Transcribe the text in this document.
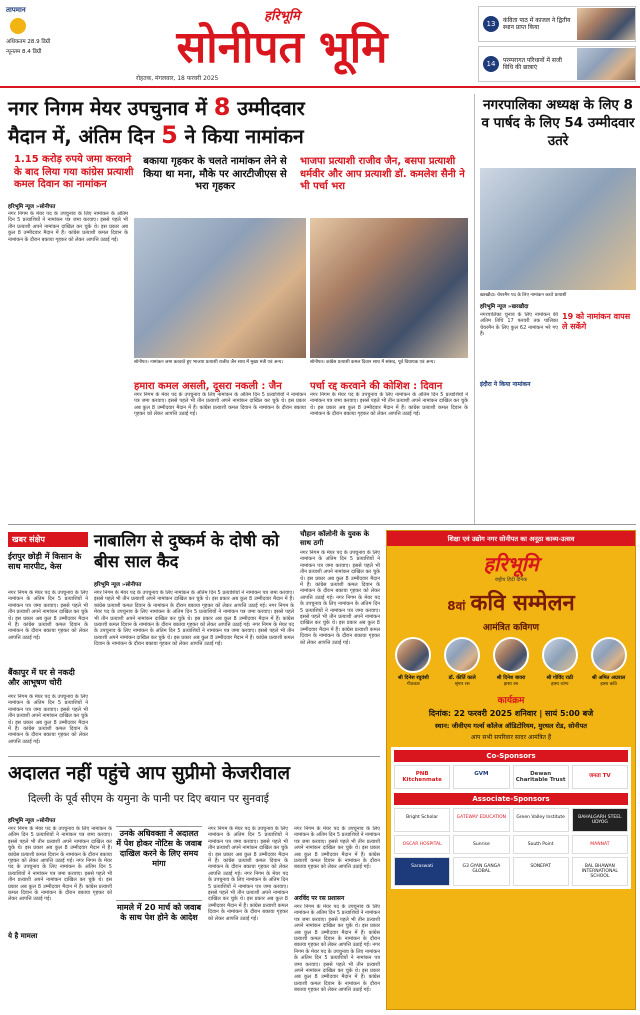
तापमान
अधिकतम 28.9 डिग्री
न्यूनतम 8.4 डिग्री
हरिभूमि
सोनीपत भूमि
रोहतक, मंगलवार, 18 फरवरी 2025
13	कंविता पाठ में काजल ने द्वितीय स्थान प्राप्त किया
14	परम्परागत परिधानों में सजी विधि की छात्राएं
नगर निगम मेयर उपचुनाव में 8 उम्मीदवार
मैदान में, अंतिम दिन 5 ने किया नामांकन
1.15 करोड़ रुपये जमा करवाने के बाद लिया गया कांग्रेस प्रत्याशी कमल दिवान का नामांकन
बकाया गृहकर के चलते नामांकन लेने से किया था मना, मौके पर आरटीजीएस से भरा गृहकर
भाजपा प्रत्याशी राजीव जैन, बसपा प्रत्याशी धर्मवीर और आप प्रत्याशी डॉ. कमलेश सैनी ने भी पर्चा भरा
हरिभूमि न्यूज »सोनीपत
नगर निगम के मेयर पद के उपचुनाव के लिए नामांकन के अंतिम दिन 5 प्रत्याशियों ने नामांकन पत्र जमा करवाए। इससे पहले भी तीन प्रत्याशी अपने नामांकन दाखिल कर चुके थे। इस प्रकार अब कुल 8 उम्मीदवार मैदान में हैं। कांग्रेस प्रत्याशी कमल दिवान के नामांकन के दौरान बकाया गृहकर को लेकर आपत्ति उठाई गई।
सोनीपत। नामांकन जमा करवाते हुए भाजपा प्रत्याशी राजीव जैन साथ में मुख्य मंत्री एवं अन्य।	सोनीपत। कांग्रेस प्रत्याशी कमल दिवान साथ में सांसद, पूर्व विधायक एवं अन्य।
हमारा कमल असली, दूसरा नकली : जैन	पर्चा रद्द करवाने की कोशिश : दिवान
नगर निगम के मेयर पद के उपचुनाव के लिए नामांकन के अंतिम दिन 5 प्रत्याशियों ने नामांकन पत्र जमा करवाए। इससे पहले भी तीन प्रत्याशी अपने नामांकन दाखिल कर चुके थे। इस प्रकार अब कुल 8 उम्मीदवार मैदान में हैं। कांग्रेस प्रत्याशी कमल दिवान के नामांकन के दौरान बकाया गृहकर को लेकर आपत्ति उठाई गई।
नगर निगम के मेयर पद के उपचुनाव के लिए नामांकन के अंतिम दिन 5 प्रत्याशियों ने नामांकन पत्र जमा करवाए। इससे पहले भी तीन प्रत्याशी अपने नामांकन दाखिल कर चुके थे। इस प्रकार अब कुल 8 उम्मीदवार मैदान में हैं। कांग्रेस प्रत्याशी कमल दिवान के नामांकन के दौरान बकाया गृहकर को लेकर आपत्ति उठाई गई।
नगरपालिका अध्यक्ष के लिए 8 व पार्षद के लिए 54 उम्मीदवार उतरे
खरखौदा। चेयरमैन पद के लिए नामांकन करते प्रत्याशी
हरिभूमि न्यूज »खरखौदा
नगरपालिका चुनाव के लिए नामांकन की अंतिम तिथि 17 फरवरी तक पालिका चेयरमैन के लिए कुल 62 नामांकन भरे गए हैं।
19 को नामांकन वापस ले सकेंगे
इंदौरा ने किया नामांकन
खबर संक्षेप
ईरापुर छोड़ी में किसान के साथ मारपीट, केस
नगर निगम के मेयर पद के उपचुनाव के लिए नामांकन के अंतिम दिन 5 प्रत्याशियों ने नामांकन पत्र जमा करवाए। इससे पहले भी तीन प्रत्याशी अपने नामांकन दाखिल कर चुके थे। इस प्रकार अब कुल 8 उम्मीदवार मैदान में हैं। कांग्रेस प्रत्याशी कमल दिवान के नामांकन के दौरान बकाया गृहकर को लेकर आपत्ति उठाई गई।
बैंकापुर में घर से नकदी और आभूषण चोरी
नगर निगम के मेयर पद के उपचुनाव के लिए नामांकन के अंतिम दिन 5 प्रत्याशियों ने नामांकन पत्र जमा करवाए। इससे पहले भी तीन प्रत्याशी अपने नामांकन दाखिल कर चुके थे। इस प्रकार अब कुल 8 उम्मीदवार मैदान में हैं। कांग्रेस प्रत्याशी कमल दिवान के नामांकन के दौरान बकाया गृहकर को लेकर आपत्ति उठाई गई।
नाबालिग से दुष्कर्म के दोषी को बीस साल कैद
हरिभूमि न्यूज »सोनीपत
नगर निगम के मेयर पद के उपचुनाव के लिए नामांकन के अंतिम दिन 5 प्रत्याशियों ने नामांकन पत्र जमा करवाए। इससे पहले भी तीन प्रत्याशी अपने नामांकन दाखिल कर चुके थे। इस प्रकार अब कुल 8 उम्मीदवार मैदान में हैं। कांग्रेस प्रत्याशी कमल दिवान के नामांकन के दौरान बकाया गृहकर को लेकर आपत्ति उठाई गई। नगर निगम के मेयर पद के उपचुनाव के लिए नामांकन के अंतिम दिन 5 प्रत्याशियों ने नामांकन पत्र जमा करवाए। इससे पहले भी तीन प्रत्याशी अपने नामांकन दाखिल कर चुके थे। इस प्रकार अब कुल 8 उम्मीदवार मैदान में हैं। कांग्रेस प्रत्याशी कमल दिवान के नामांकन के दौरान बकाया गृहकर को लेकर आपत्ति उठाई गई। नगर निगम के मेयर पद के उपचुनाव के लिए नामांकन के अंतिम दिन 5 प्रत्याशियों ने नामांकन पत्र जमा करवाए। इससे पहले भी तीन प्रत्याशी अपने नामांकन दाखिल कर चुके थे। इस प्रकार अब कुल 8 उम्मीदवार मैदान में हैं। कांग्रेस प्रत्याशी कमल दिवान के नामांकन के दौरान बकाया गृहकर को लेकर आपत्ति उठाई गई।
चौहान कॉलोनी के युवक के साथ ठगी
नगर निगम के मेयर पद के उपचुनाव के लिए नामांकन के अंतिम दिन 5 प्रत्याशियों ने नामांकन पत्र जमा करवाए। इससे पहले भी तीन प्रत्याशी अपने नामांकन दाखिल कर चुके थे। इस प्रकार अब कुल 8 उम्मीदवार मैदान में हैं। कांग्रेस प्रत्याशी कमल दिवान के नामांकन के दौरान बकाया गृहकर को लेकर आपत्ति उठाई गई। नगर निगम के मेयर पद के उपचुनाव के लिए नामांकन के अंतिम दिन 5 प्रत्याशियों ने नामांकन पत्र जमा करवाए। इससे पहले भी तीन प्रत्याशी अपने नामांकन दाखिल कर चुके थे। इस प्रकार अब कुल 8 उम्मीदवार मैदान में हैं। कांग्रेस प्रत्याशी कमल दिवान के नामांकन के दौरान बकाया गृहकर को लेकर आपत्ति उठाई गई।
अदालत नहीं पहुंचे आप सुप्रीमो केजरीवाल
दिल्ली के पूर्व सीएम के यमुना के पानी पर दिए बयान पर सुनवाई
हरिभूमि न्यूज »सोनीपत
नगर निगम के मेयर पद के उपचुनाव के लिए नामांकन के अंतिम दिन 5 प्रत्याशियों ने नामांकन पत्र जमा करवाए। इससे पहले भी तीन प्रत्याशी अपने नामांकन दाखिल कर चुके थे। इस प्रकार अब कुल 8 उम्मीदवार मैदान में हैं। कांग्रेस प्रत्याशी कमल दिवान के नामांकन के दौरान बकाया गृहकर को लेकर आपत्ति उठाई गई। नगर निगम के मेयर पद के उपचुनाव के लिए नामांकन के अंतिम दिन 5 प्रत्याशियों ने नामांकन पत्र जमा करवाए। इससे पहले भी तीन प्रत्याशी अपने नामांकन दाखिल कर चुके थे। इस प्रकार अब कुल 8 उम्मीदवार मैदान में हैं। कांग्रेस प्रत्याशी कमल दिवान के नामांकन के दौरान बकाया गृहकर को लेकर आपत्ति उठाई गई।
उनके अधिवक्ता ने अदालत में पेश होकर नोटिस के जवाब दाखिल करने के लिए समय मांगा
मामले में 20 मार्च को जवाब के साथ पेश होने के आदेश
नगर निगम के मेयर पद के उपचुनाव के लिए नामांकन के अंतिम दिन 5 प्रत्याशियों ने नामांकन पत्र जमा करवाए। इससे पहले भी तीन प्रत्याशी अपने नामांकन दाखिल कर चुके थे। इस प्रकार अब कुल 8 उम्मीदवार मैदान में हैं। कांग्रेस प्रत्याशी कमल दिवान के नामांकन के दौरान बकाया गृहकर को लेकर आपत्ति उठाई गई। नगर निगम के मेयर पद के उपचुनाव के लिए नामांकन के अंतिम दिन 5 प्रत्याशियों ने नामांकन पत्र जमा करवाए। इससे पहले भी तीन प्रत्याशी अपने नामांकन दाखिल कर चुके थे। इस प्रकार अब कुल 8 उम्मीदवार मैदान में हैं। कांग्रेस प्रत्याशी कमल दिवान के नामांकन के दौरान बकाया गृहकर को लेकर आपत्ति उठाई गई।
ये है मामला
अरविंद पर रस प्रशासन
नगर निगम के मेयर पद के उपचुनाव के लिए नामांकन के अंतिम दिन 5 प्रत्याशियों ने नामांकन पत्र जमा करवाए। इससे पहले भी तीन प्रत्याशी अपने नामांकन दाखिल कर चुके थे। इस प्रकार अब कुल 8 उम्मीदवार मैदान में हैं। कांग्रेस प्रत्याशी कमल दिवान के नामांकन के दौरान बकाया गृहकर को लेकर आपत्ति उठाई गई।
नगर निगम के मेयर पद के उपचुनाव के लिए नामांकन के अंतिम दिन 5 प्रत्याशियों ने नामांकन पत्र जमा करवाए। इससे पहले भी तीन प्रत्याशी अपने नामांकन दाखिल कर चुके थे। इस प्रकार अब कुल 8 उम्मीदवार मैदान में हैं। कांग्रेस प्रत्याशी कमल दिवान के नामांकन के दौरान बकाया गृहकर को लेकर आपत्ति उठाई गई। नगर निगम के मेयर पद के उपचुनाव के लिए नामांकन के अंतिम दिन 5 प्रत्याशियों ने नामांकन पत्र जमा करवाए। इससे पहले भी तीन प्रत्याशी अपने नामांकन दाखिल कर चुके थे। इस प्रकार अब कुल 8 उम्मीदवार मैदान में हैं। कांग्रेस प्रत्याशी कमल दिवान के नामांकन के दौरान बकाया गृहकर को लेकर आपत्ति उठाई गई।
शिक्षा एवं उद्योग नगर सोनीपत का अनूठा काव्य-उत्सव
हरिभूमि
राष्ट्रीय हिंदी दैनिक
8वां कवि सम्मेलन
आमंत्रित कविगण
श्री दिनेश रघुवंशी
गीतकार
डॉ. कीर्ति काले
श्रृंगार रस
श्री दिनेश बावरा
हास्य रस
श्री गोविंद राठी
हास्य व्यंग्य
श्री अमित अग्रवाल
हास्य कवि
कार्यक्रम
दिनांक: 22 फरवरी 2025 शनिवार | सायं 5:00 बजे
स्थान: जीवीएम गर्ल्स कॉलेज ऑडिटोरियम, मुरथल रोड, सोनीपत
आप सभी सपरिवार सादर आमंत्रित हैं
Co-Sponsors
PNB Kitchenmate
GVM	Dewan Charitable Trust
जनता TV
Associate-Sponsors
Bright Scholar	GATEWAY EDUCATION	Green Valley Institute	BAHALGARH STEEL UDYOG
OSCAR HOSPITAL	Sunrise	South Point	MANNAT
Saraswati	G3 GYAN GANGA GLOBAL
SONEPAT	BAL BHAWAN INTERNATIONAL SCHOOL
